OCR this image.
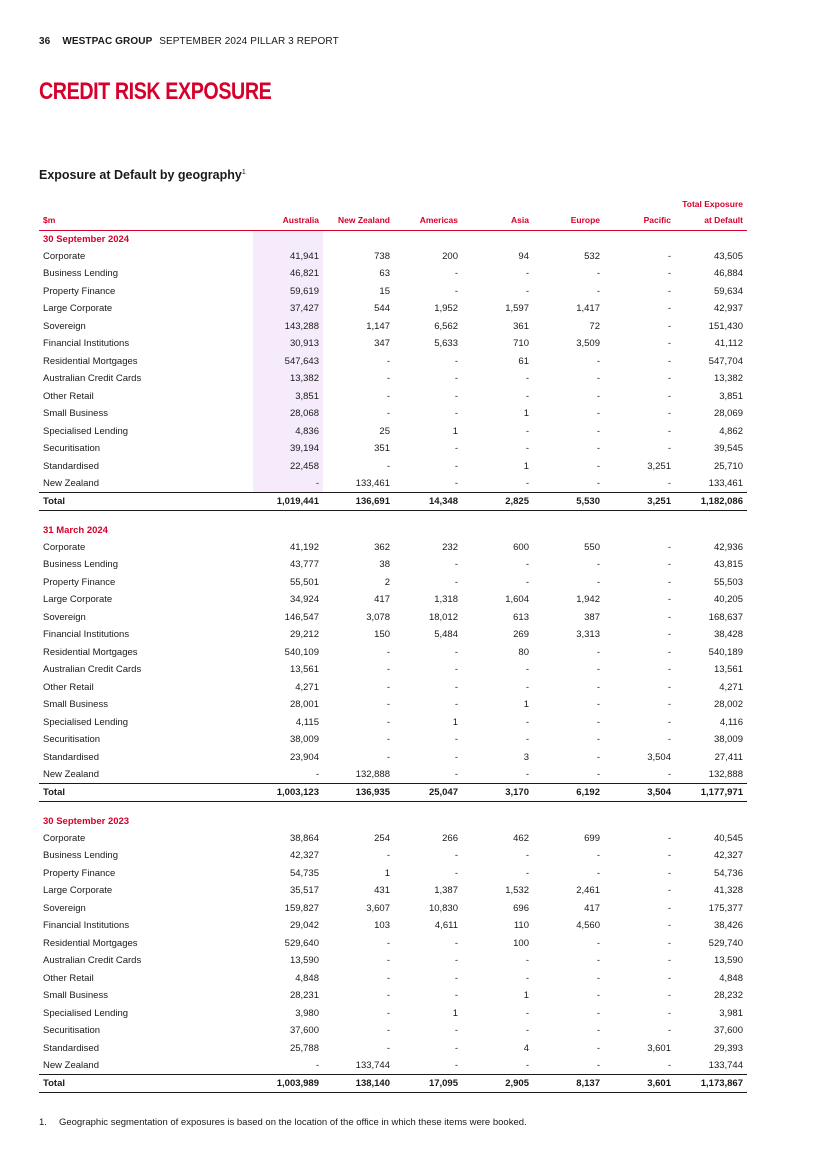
36 WESTPAC GROUP SEPTEMBER 2024 PILLAR 3 REPORT
CREDIT RISK EXPOSURE
Exposure at Default by geography$^1$
							Total Exposure
$m	Australia	New Zealand	Americas	Asia	Europe	Pacific	at Default
30 September 2024							
Corporate	41,941	738	200	94	532	-	43,505
Business Lending	46,821	63	-	-	-	-	46,884
Property Finance	59,619	15	-	-	-	-	59,634
Large Corporate	37,427	544	1,952	1,597	1,417	-	42,937
Sovereign	143,288	1,147	6,562	361	72	-	151,430
Financial Institutions	30,913	347	5,633	710	3,509	-	41,112
Residential Mortgages	547,643	-	-	61	-	-	547,704
Australian Credit Cards	13,382	-	-	-	-	-	13,382
Other Retail	3,851	-	-	-	-	-	3,851
Small Business	28,068	-	-	1	-	-	28,069
Specialised Lending	4,836	25	1	-	-	-	4,862
Securitisation	39,194	351	-	-	-	-	39,545
Standardised	22,458	-	-	1	-	3,251	25,710
New Zealand	-	133,461	-	-	-	-	133,461
Total	1,019,441	136,691	14,348	2,825	5,530	3,251	1,182,086

31 March 2024							
Corporate	41,192	362	232	600	550	-	42,936
Business Lending	43,777	38	-	-	-	-	43,815
Property Finance	55,501	2	-	-	-	-	55,503
Large Corporate	34,924	417	1,318	1,604	1,942	-	40,205
Sovereign	146,547	3,078	18,012	613	387	-	168,637
Financial Institutions	29,212	150	5,484	269	3,313	-	38,428
Residential Mortgages	540,109	-	-	80	-	-	540,189
Australian Credit Cards	13,561	-	-	-	-	-	13,561
Other Retail	4,271	-	-	-	-	-	4,271
Small Business	28,001	-	-	1	-	-	28,002
Specialised Lending	4,115	-	1	-	-	-	4,116
Securitisation	38,009	-	-	-	-	-	38,009
Standardised	23,904	-	-	3	-	3,504	27,411
New Zealand	-	132,888	-	-	-	-	132,888
Total	1,003,123	136,935	25,047	3,170	6,192	3,504	1,177,971

30 September 2023							
Corporate	38,864	254	266	462	699	-	40,545
Business Lending	42,327	-	-	-	-	-	42,327
Property Finance	54,735	1	-	-	-	-	54,736
Large Corporate	35,517	431	1,387	1,532	2,461	-	41,328
Sovereign	159,827	3,607	10,830	696	417	-	175,377
Financial Institutions	29,042	103	4,611	110	4,560	-	38,426
Residential Mortgages	529,640	-	-	100	-	-	529,740
Australian Credit Cards	13,590	-	-	-	-	-	13,590
Other Retail	4,848	-	-	-	-	-	4,848
Small Business	28,231	-	-	1	-	-	28,232
Specialised Lending	3,980	-	1	-	-	-	3,981
Securitisation	37,600	-	-	-	-	-	37,600
Standardised	25,788	-	-	4	-	3,601	29,393
New Zealand	-	133,744	-	-	-	-	133,744
Total	1,003,989	138,140	17,095	2,905	8,137	3,601	1,173,867
1. Geographic segmentation of exposures is based on the location of the office in which these items were booked.
